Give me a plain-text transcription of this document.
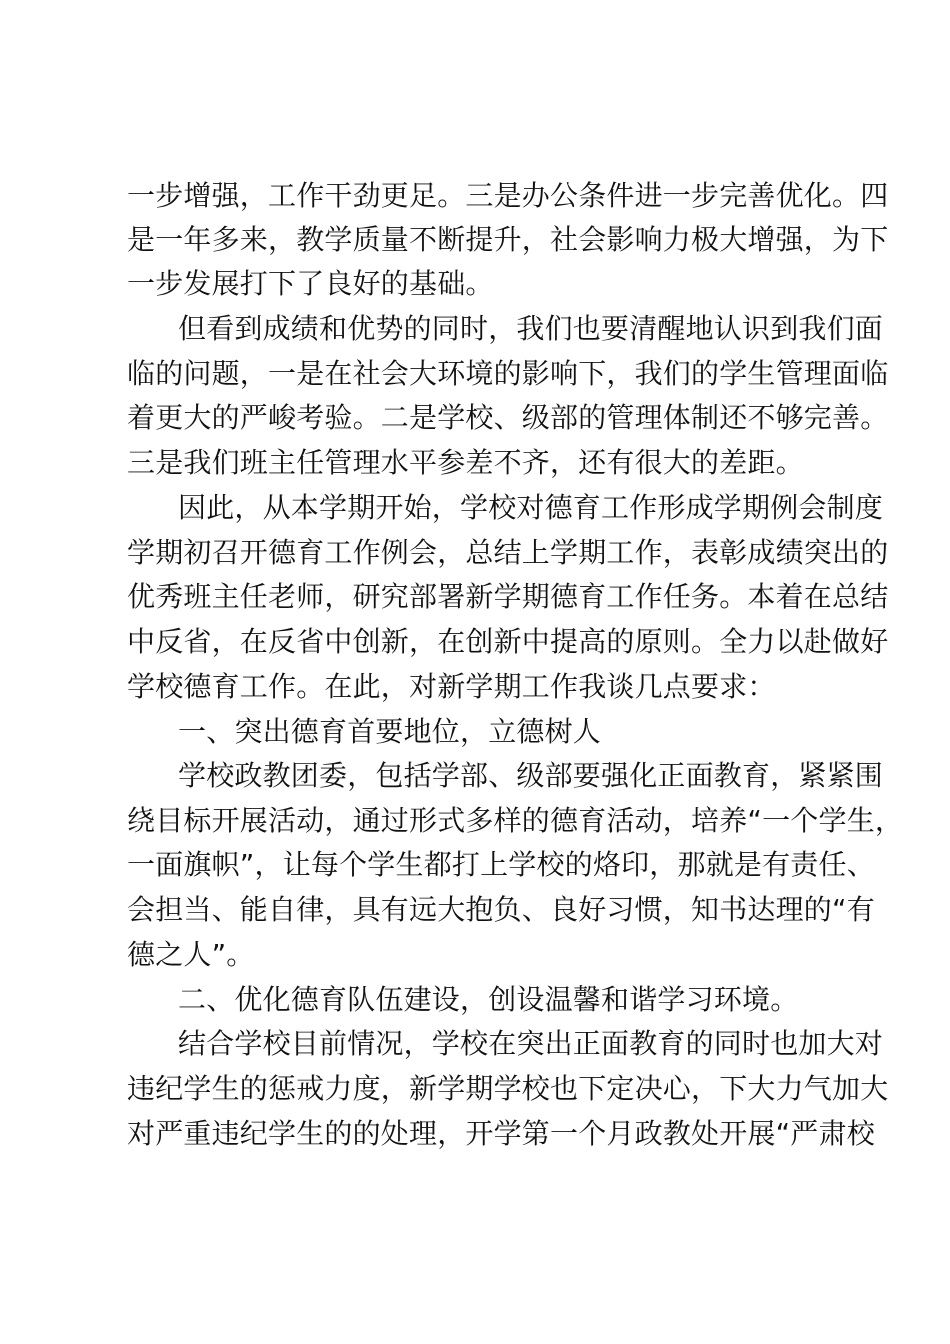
一步增强，工作干劲更足。三是办公条件进一步完善优化。四
是一年多来，教学质量不断提升，社会影响力极大增强，为下
一步发展打下了良好的基础。
但看到成绩和优势的同时，我们也要清醒地认识到我们面
临的问题，一是在社会大环境的影响下，我们的学生管理面临
着更大的严峻考验。二是学校、级部的管理体制还不够完善。
三是我们班主任管理水平参差不齐，还有很大的差距。
因此，从本学期开始，学校对德育工作形成学期例会制度
学期初召开德育工作例会，总结上学期工作，表彰成绩突出的
优秀班主任老师，研究部署新学期德育工作任务。本着在总结
中反省，在反省中创新，在创新中提高的原则。全力以赴做好
学校德育工作。在此，对新学期工作我谈几点要求：
一、突出德育首要地位，立德树人
学校政教团委，包括学部、级部要强化正面教育，紧紧围
绕目标开展活动，通过形式多样的德育活动，培养“一个学生，
一面旗帜”，让每个学生都打上学校的烙印，那就是有责任、
会担当、能自律，具有远大抱负、良好习惯，知书达理的“有
德之人”。
二、优化德育队伍建设，创设温馨和谐学习环境。
结合学校目前情况，学校在突出正面教育的同时也加大对
违纪学生的惩戒力度，新学期学校也下定决心，下大力气加大
对严重违纪学生的的处理，开学第一个月政教处开展“严肃校
